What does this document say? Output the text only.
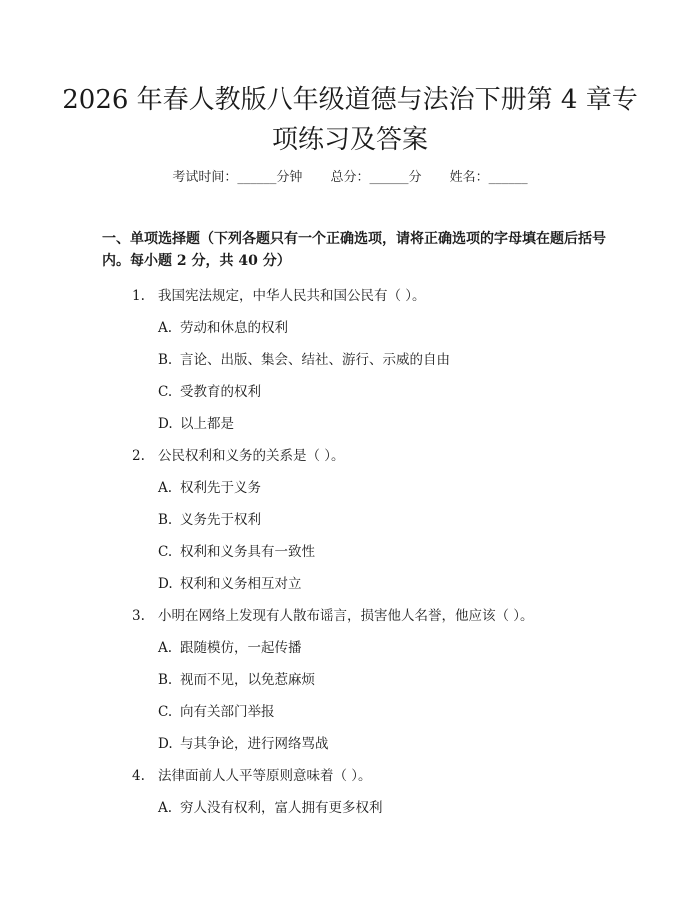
2026 年春人教版八年级道德与法治下册第 4 章专项练习及答案
考试时间：______分钟 总分：______分 姓名：______
一、单项选择题（下列各题只有一个正确选项，请将正确选项的字母填在题后括号内。每小题 2 分，共 40 分）
1. 我国宪法规定，中华人民共和国公民有（ ）。
A. 劳动和休息的权利
B. 言论、出版、集会、结社、游行、示威的自由
C. 受教育的权利
D. 以上都是
2. 公民权利和义务的关系是（ ）。
A. 权利先于义务
B. 义务先于权利
C. 权利和义务具有一致性
D. 权利和义务相互对立
3. 小明在网络上发现有人散布谣言，损害他人名誉，他应该（ ）。
A. 跟随模仿，一起传播
B. 视而不见，以免惹麻烦
C. 向有关部门举报
D. 与其争论，进行网络骂战
4. 法律面前人人平等原则意味着（ ）。
A. 穷人没有权利，富人拥有更多权利
